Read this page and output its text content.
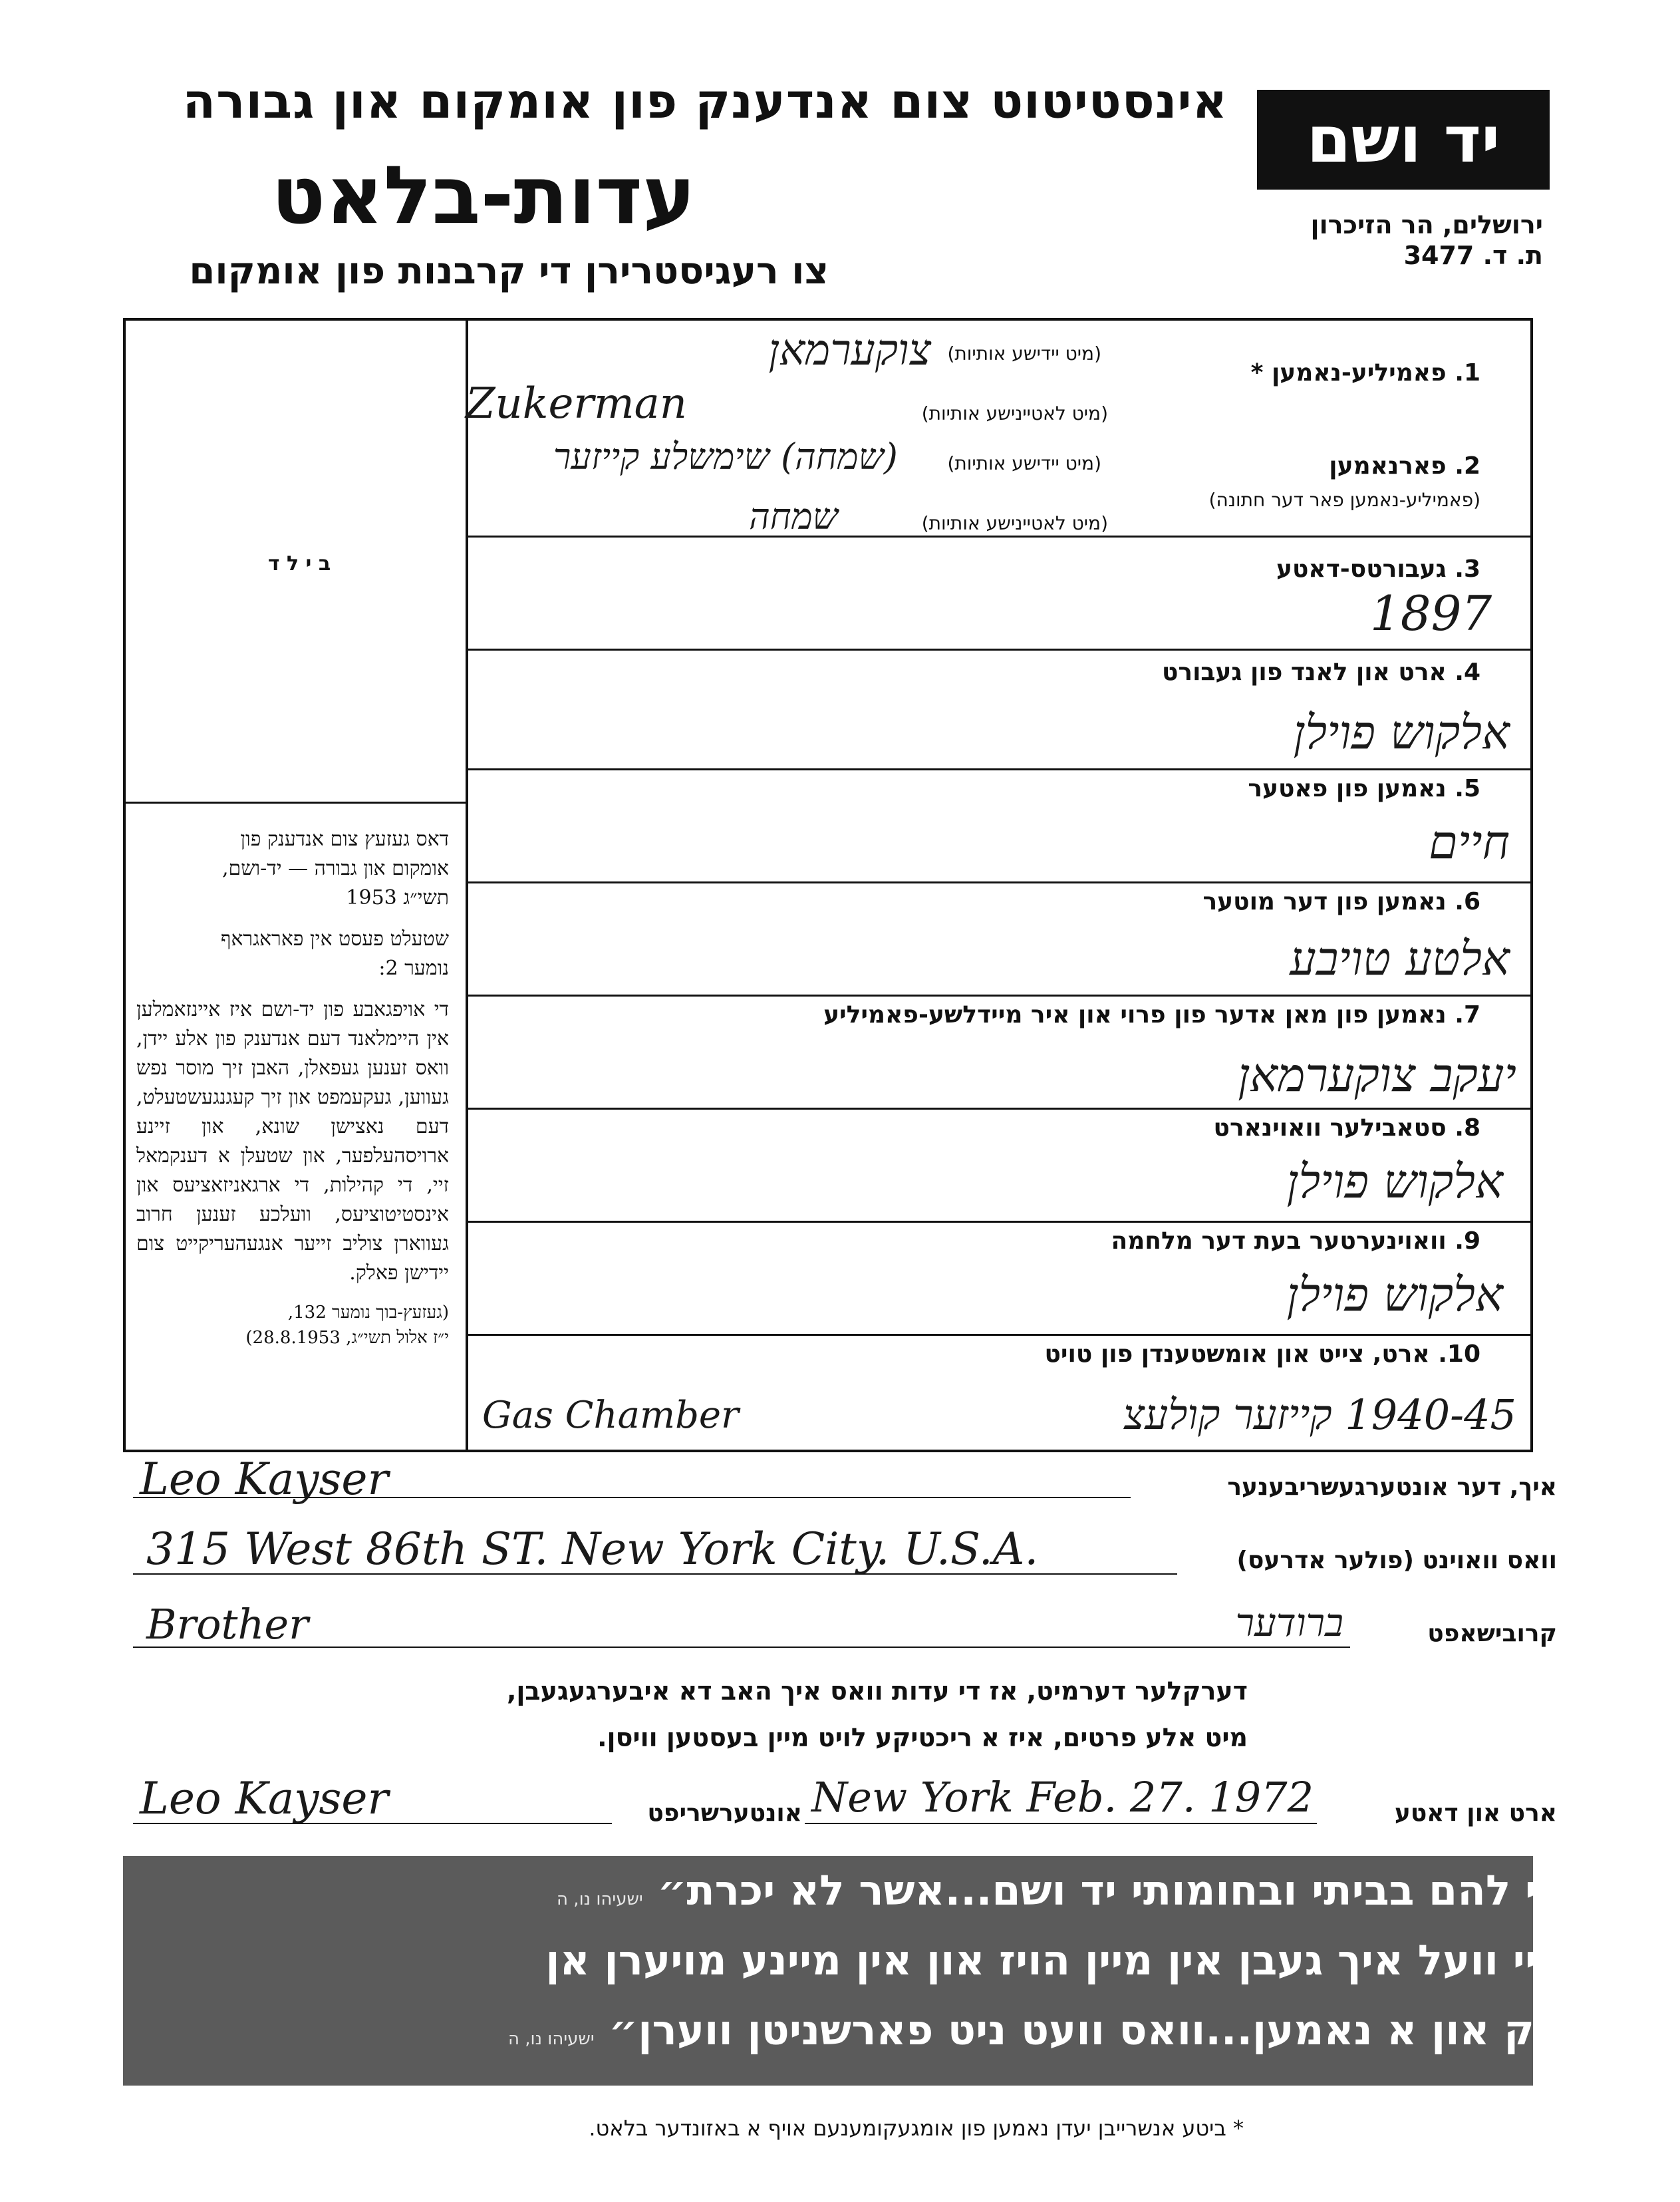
אינסטיטוט צום אנדענק פון אומקום און גבורה
עדות-בלאט
צו רעגיסטרירן די קרבנות פון אומקום
יד ושם
ירושלים, הר הזיכרון
ת. ד. 3477
ב י ל ד
דאס געזעץ צום אנדענק פון
אומקום און גבורה — יד-ושם,
תשי״ג 1953
שטעלט פעסט אין פאראגראף
נומער 2:
די אויפגאבע פון יד-ושם איז איינזאמלען אין היימלאנד דעם אנדענק פון אלע יידן, וואס זענען געפאלן, האבן זיך מוסר נפש געווען, געקעמפט און זיך קעגנגעשטעלט, דעם נאצישן שונא, און זיינע ארויסהעלפער, און שטעלן א דענקמאל זיי, די קהילות, די ארגאניזאציעס און אינסטיטוציעס, וועלכע זענען חרוב געווארן צוליב זייער אנגעהעריקייט צום יידישן פאלק.
(געזעץ-בוך נומער 132,
י״ז אלול תשי״ג, 28.8.1953)
1. פאמיליע-נאמען *
(מיט יידישע אותיות)
צוקערמאן
(מיט לאטיינישע אותיות)
Zukerman
2. פארנאמען
(פאמיליע-נאמען פאר דער חתונה)
(מיט יידישע אותיות)
(שמחה) שימשלע קייזער
(מיט לאטיינישע אותיות)
שמחה
3. געבורטס-דאטע
1897
4. ארט און לאנד פון געבורט
אלקוש פוילן
5. נאמען פון פאטער
חיים
6. נאמען פון דער מוטער
אלטע טויבע
7. נאמען פון מאן אדער פון פרוי און איר מיידלשע-פאמיליע
יעקב צוקערמאן
8. סטאבילער וואוינארט
אלקוש פוילן
9. וואוינערטער בעת דער מלחמה
אלקוש פוילן
10. ארט, צייט און אומשטענדן פון טויט
1940-45 קייזער קולעצ
Gas Chamber
איך, דער אונטערגעשריבענער
Leo Kayser
וואס וואוינט (פולער אדרעס)
315 West 86th ST. New York City. U.S.A.
קרובישאפט
Brother	ברודער
דערקלער דערמיט, אז די עדות וואס איך האב דא איבערגעגעבן,
מיט אלע פרטים, איז א ריכטיקע לויט מיין בעסטען וויסן.
ארט און דאטע
New York Feb. 27. 1972
אונטערשריפט
Leo Kayser
„ונתתי להם בביתי ובחומותי יד ושם...אשר לא יכרת״ ישעיהו נו, ה
„און זיי וועל איך געבן אין מיין הויז און אין מיינע מויערן אן
אנדענק און א נאמען...וואס וועט ניט פארשניטן ווערן״ ישעיהו נו, ה
* ביטע אנשרייבן יעדן נאמען פון אומגעקומענעם אויף א באזונדער בלאט.
